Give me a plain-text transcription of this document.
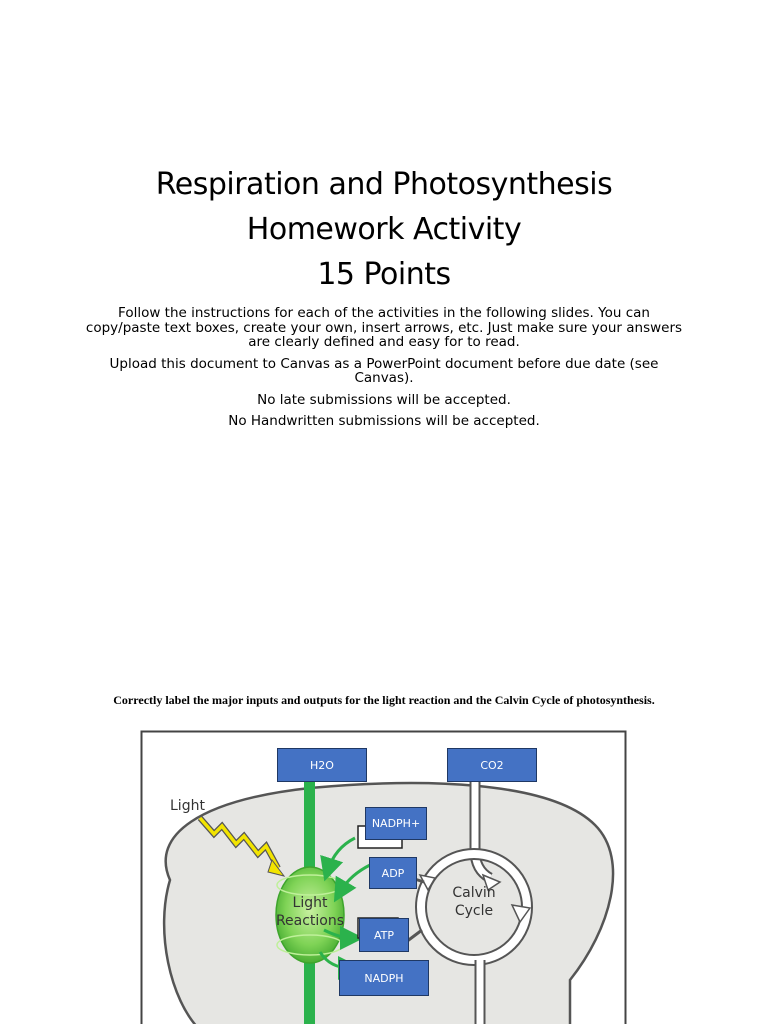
Respiration and Photosynthesis
Homework Activity
15 Points

Follow the instructions for each of the activities in the following slides. You can copy/paste text boxes, create your own, insert arrows, etc. Just make sure your answers are clearly defined and easy for to read.

Upload this document to Canvas as a PowerPoint document before due date (see Canvas).

No late submissions will be accepted.

No Handwritten submissions will be accepted.

Correctly label the major inputs and outputs for the light reaction and the Calvin Cycle of photosynthesis.
Light
Reactions
Calvin
Cycle
Light
H2O	CO2
NADPH+
ADP
ATP
NADPH
